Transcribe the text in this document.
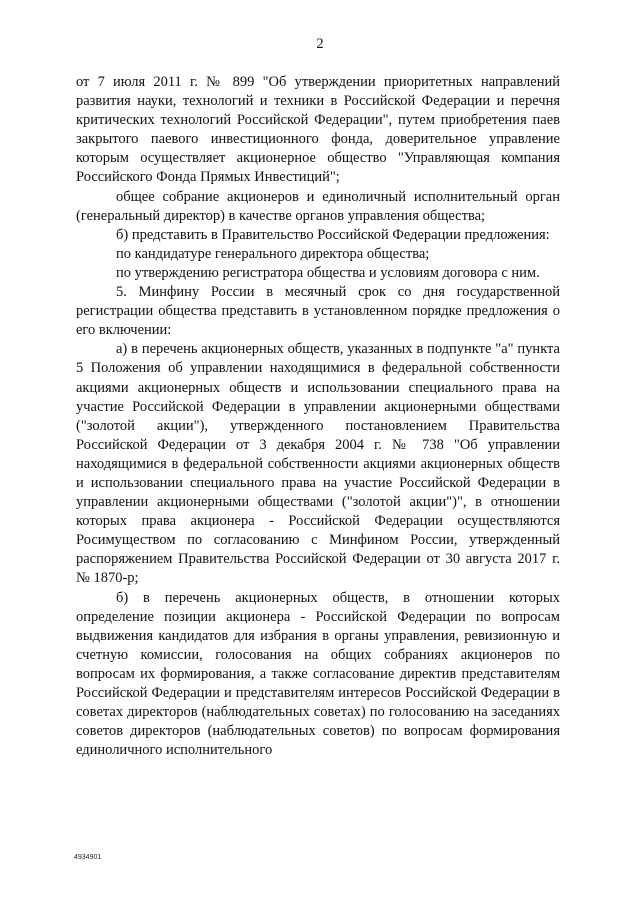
2

от 7 июля 2011 г. № 899 "Об утверждении приоритетных направлений развития науки, технологий и техники в Российской Федерации и перечня критических технологий Российской Федерации", путем приобретения паев закрытого паевого инвестиционного фонда, доверительное управление которым осуществляет акционерное общество "Управляющая компания Российского Фонда Прямых Инвестиций";

общее собрание акционеров и единоличный исполнительный орган (генеральный директор) в качестве органов управления общества;

б) представить в Правительство Российской Федерации предложения:

по кандидатуре генерального директора общества;

по утверждению регистратора общества и условиям договора с ним.

5. Минфину России в месячный срок со дня государственной регистрации общества представить в установленном порядке предложения о его включении:

а) в перечень акционерных обществ, указанных в подпункте "а" пункта 5 Положения об управлении находящимися в федеральной собственности акциями акционерных обществ и использовании специального права на участие Российской Федерации в управлении акционерными обществами ("золотой акции"), утвержденного постановлением Правительства Российской Федерации от 3 декабря 2004 г. № 738 "Об управлении находящимися в федеральной собственности акциями акционерных обществ и использовании специального права на участие Российской Федерации в управлении акционерными обществами ("золотой акции")", в отношении которых права акционера - Российской Федерации осуществляются Росимуществом по согласованию с Минфином России, утвержденный распоряжением Правительства Российской Федерации от 30 августа 2017 г. № 1870-р;

б) в перечень акционерных обществ, в отношении которых определение позиции акционера - Российской Федерации по вопросам выдвижения кандидатов для избрания в органы управления, ревизионную и счетную комиссии, голосования на общих собраниях акционеров по вопросам их формирования, а также согласование директив представителям Российской Федерации и представителям интересов Российской Федерации в советах директоров (наблюдательных советах) по голосованию на заседаниях советов директоров (наблюдательных советов) по вопросам формирования единоличного исполнительного

4934901
